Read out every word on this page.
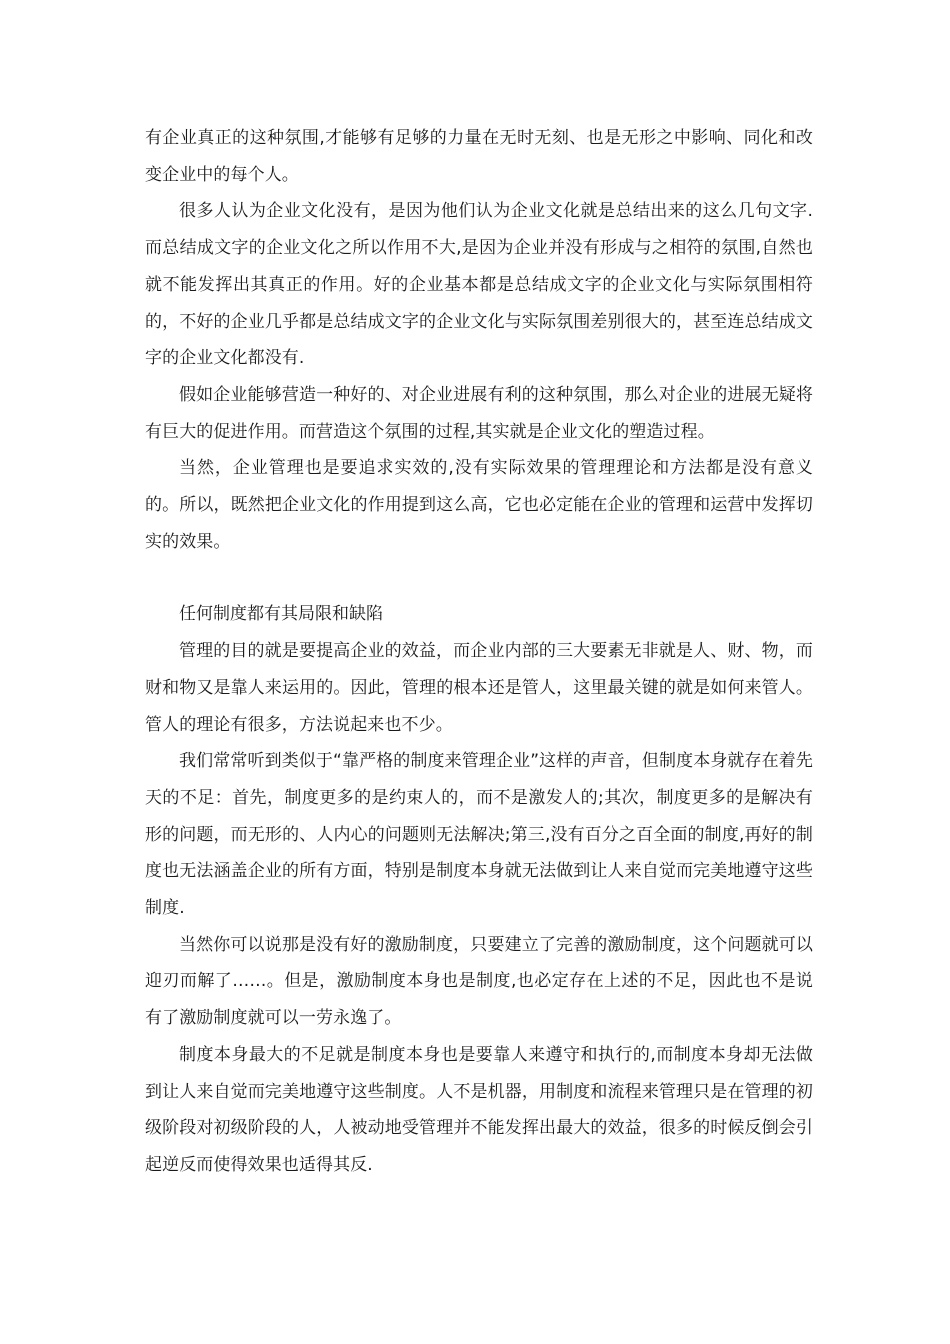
有企业真正的这种氛围,才能够有足够的力量在无时无刻、也是无形之中影响、同化和改变企业中的每个人。

很多人认为企业文化没有，是因为他们认为企业文化就是总结出来的这么几句文字.而总结成文字的企业文化之所以作用不大,是因为企业并没有形成与之相符的氛围,自然也就不能发挥出其真正的作用。好的企业基本都是总结成文字的企业文化与实际氛围相符的，不好的企业几乎都是总结成文字的企业文化与实际氛围差别很大的，甚至连总结成文字的企业文化都没有.

假如企业能够营造一种好的、对企业进展有利的这种氛围，那么对企业的进展无疑将有巨大的促进作用。而营造这个氛围的过程,其实就是企业文化的塑造过程。

当然，企业管理也是要追求实效的,没有实际效果的管理理论和方法都是没有意义的。所以，既然把企业文化的作用提到这么高，它也必定能在企业的管理和运营中发挥切实的效果。

任何制度都有其局限和缺陷

管理的目的就是要提高企业的效益，而企业内部的三大要素无非就是人、财、物，而财和物又是靠人来运用的。因此，管理的根本还是管人，这里最关键的就是如何来管人。管人的理论有很多，方法说起来也不少。

我们常常听到类似于“靠严格的制度来管理企业”这样的声音，但制度本身就存在着先天的不足：首先，制度更多的是约束人的，而不是激发人的;其次，制度更多的是解决有形的问题，而无形的、人内心的问题则无法解决;第三,没有百分之百全面的制度,再好的制度也无法涵盖企业的所有方面，特别是制度本身就无法做到让人来自觉而完美地遵守这些制度.

当然你可以说那是没有好的激励制度，只要建立了完善的激励制度，这个问题就可以迎刃而解了……。但是，激励制度本身也是制度,也必定存在上述的不足，因此也不是说有了激励制度就可以一劳永逸了。

制度本身最大的不足就是制度本身也是要靠人来遵守和执行的,而制度本身却无法做到让人来自觉而完美地遵守这些制度。人不是机器，用制度和流程来管理只是在管理的初级阶段对初级阶段的人，人被动地受管理并不能发挥出最大的效益，很多的时候反倒会引起逆反而使得效果也适得其反.
